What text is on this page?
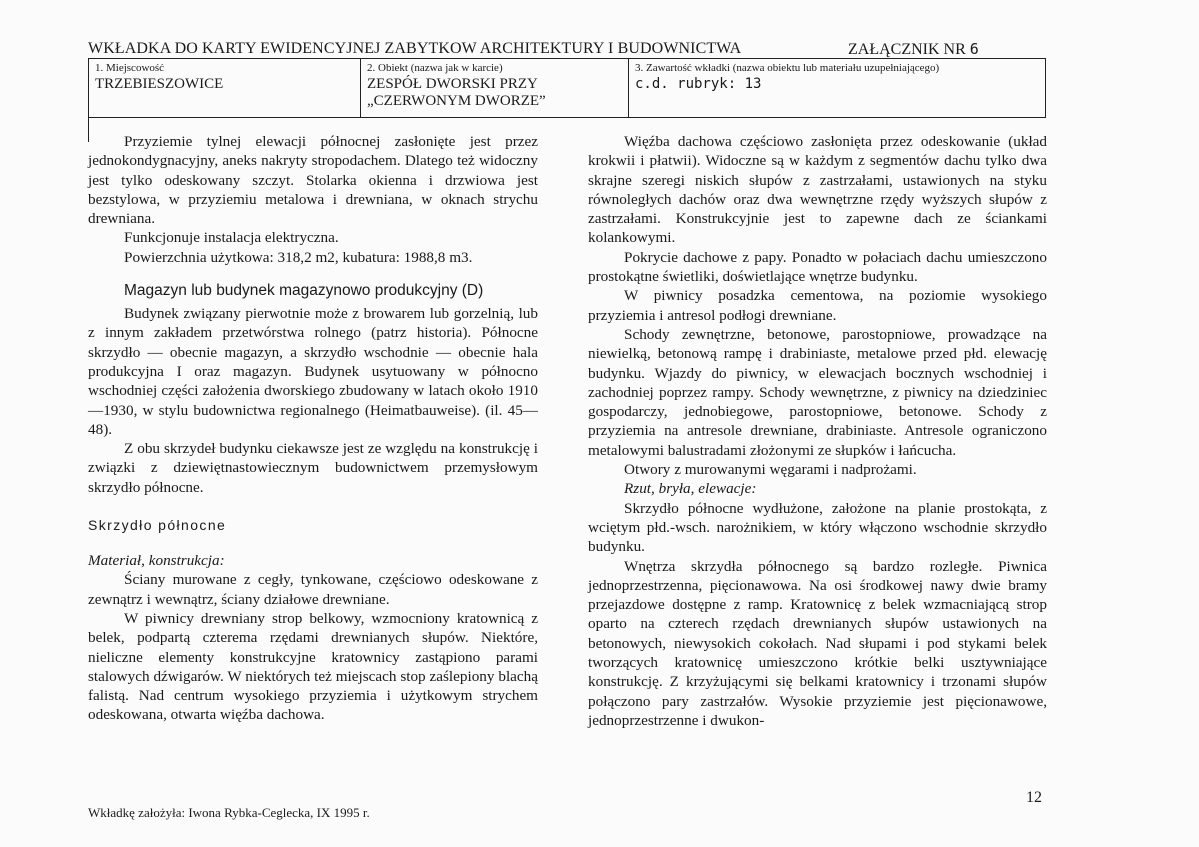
WKŁADKA DO KARTY EWIDENCYJNEJ ZABYTKOW ARCHITEKTURY I BUDOWNICTWA	ZAŁĄCZNIK NR 6
1. Miejscowość
TRZEBIESZOWICE
2. Obiekt (nazwa jak w karcie)
ZESPÓŁ DWORSKI PRZY
„CZERWONYM DWORZE”
3. Zawartość wkładki (nazwa obiektu lub materiału uzupełniającego)
c.d. rubryk: 13

Przyziemie tylnej elewacji północnej zasłonięte jest przez jednokondygnacyjny, aneks nakryty stropodachem. Dlatego też widoczny jest tylko odeskowany szczyt. Stolarka okienna i drzwiowa jest bezstylowa, w przyziemiu metalowa i drewniana, w oknach strychu drewniana.

Funkcjonuje instalacja elektryczna.

Powierzchnia użytkowa: 318,2 m2, kubatura: 1988,8 m3.

Magazyn lub budynek magazynowo produkcyjny (D)

Budynek związany pierwotnie może z browarem lub gorzelnią, lub z innym zakładem przetwórstwa rolnego (patrz historia). Północne skrzydło — obecnie magazyn, a skrzydło wschodnie — obecnie hala produkcyjna I oraz magazyn. Budynek usytuowany w północno wschodniej części założenia dworskiego zbudowany w latach około 1910—1930, w stylu budownictwa regionalnego (Heimatbauweise). (il. 45—48).

Z obu skrzydeł budynku ciekawsze jest ze względu na konstrukcję i związki z dziewiętnastowiecznym budownictwem przemysłowym skrzydło północne.

Skrzydło północne

Materiał, konstrukcja:

Ściany murowane z cegły, tynkowane, częściowo odeskowane z zewnątrz i wewnątrz, ściany działowe drewniane.

W piwnicy drewniany strop belkowy, wzmocniony kratownicą z belek, podpartą czterema rzędami drewnianych słupów. Niektóre, nieliczne elementy konstrukcyjne kratownicy zastąpiono parami stalowych dźwigarów. W niektórych też miejscach stop zaślepiony blachą falistą. Nad centrum wysokiego przyziemia i użytkowym strychem odeskowana, otwarta więźba dachowa.

Więźba dachowa częściowo zasłonięta przez odeskowanie (układ krokwii i płatwii). Widoczne są w każdym z segmentów dachu tylko dwa skrajne szeregi niskich słupów z zastrzałami, ustawionych na styku równoległych dachów oraz dwa wewnętrzne rzędy wyższych słupów z zastrzałami. Konstrukcyjnie jest to zapewne dach ze ściankami kolankowymi.

Pokrycie dachowe z papy. Ponadto w połaciach dachu umieszczono prostokątne świetliki, doświetlające wnętrze budynku.

W piwnicy posadzka cementowa, na poziomie wysokiego przyziemia i antresol podłogi drewniane.

Schody zewnętrzne, betonowe, parostopniowe, prowadzące na niewielką, betonową rampę i drabiniaste, metalowe przed płd. elewację budynku. Wjazdy do piwnicy, w elewacjach bocznych wschodniej i zachodniej poprzez rampy. Schody wewnętrzne, z piwnicy na dziedziniec gospodarczy, jednobiegowe, parostopniowe, betonowe. Schody z przyziemia na antresole drewniane, drabiniaste. Antresole ograniczono metalowymi balustradami złożonymi ze słupków i łańcucha.

Otwory z murowanymi węgarami i nadprożami.

Rzut, bryła, elewacje:

Skrzydło północne wydłużone, założone na planie prostokąta, z wciętym płd.-wsch. narożnikiem, w który włączono wschodnie skrzydło budynku.

Wnętrza skrzydła północnego są bardzo rozległe. Piwnica jednoprzestrzenna, pięcionawowa. Na osi środkowej nawy dwie bramy przejazdowe dostępne z ramp. Kratownicę z belek wzmacniającą strop oparto na czterech rzędach drewnianych słupów ustawionych na betonowych, niewysokich cokołach. Nad słupami i pod stykami belek tworzących kratownicę umieszczono krótkie belki usztywniające konstrukcję. Z krzyżującymi się belkami kratownicy i trzonami słupów połączono pary zastrzałów. Wysokie przyziemie jest pięcionawowe, jednoprzestrzenne i dwukon-

Wkładkę założyła: Iwona Rybka-Ceglecka, IX 1995 r.
12
